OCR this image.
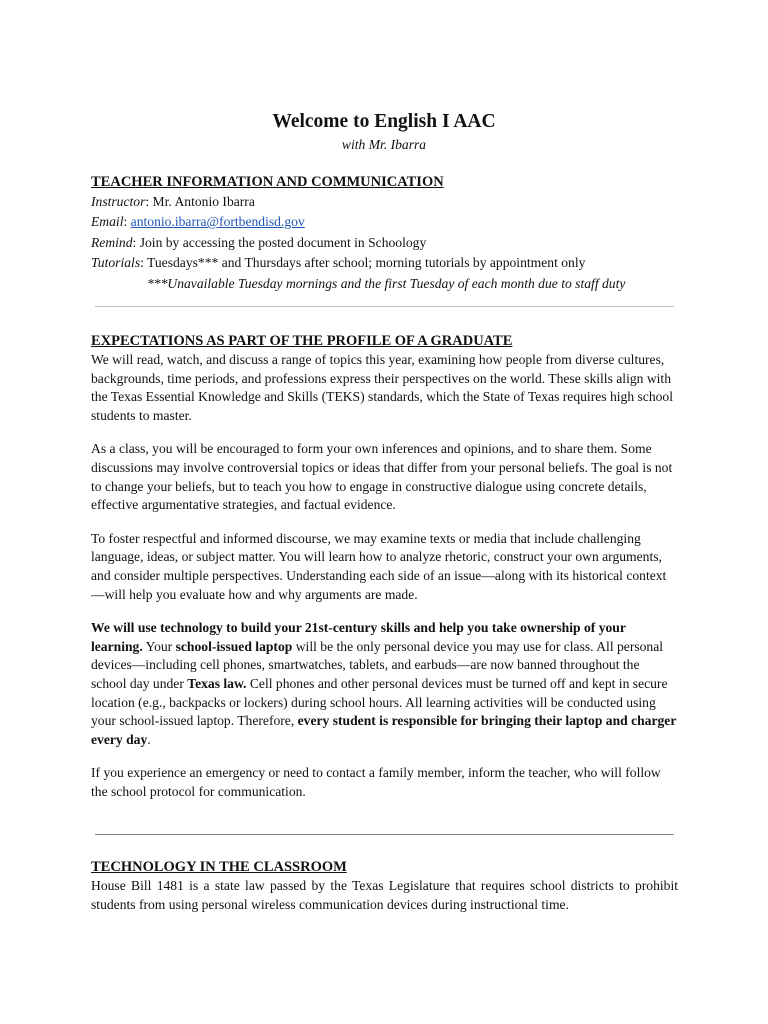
Welcome to English I AAC
with Mr. Ibarra
TEACHER INFORMATION AND COMMUNICATION
Instructor: Mr. Antonio Ibarra
Email: antonio.ibarra@fortbendisd.gov
Remind: Join by accessing the posted document in Schoology
Tutorials: Tuesdays*** and Thursdays after school; morning tutorials by appointment only
***Unavailable Tuesday mornings and the first Tuesday of each month due to staff duty
EXPECTATIONS AS PART OF THE PROFILE OF A GRADUATE

We will read, watch, and discuss a range of topics this year, examining how people from diverse cultures, backgrounds, time periods, and professions express their perspectives on the world. These skills align with the Texas Essential Knowledge and Skills (TEKS) standards, which the State of Texas requires high school students to master.

As a class, you will be encouraged to form your own inferences and opinions, and to share them. Some discussions may involve controversial topics or ideas that differ from your personal beliefs. The goal is not to change your beliefs, but to teach you how to engage in constructive dialogue using concrete details, effective argumentative strategies, and factual evidence.

To foster respectful and informed discourse, we may examine texts or media that include challenging language, ideas, or subject matter. You will learn how to analyze rhetoric, construct your own arguments, and consider multiple perspectives. Understanding each side of an issue—along with its historical context—will help you evaluate how and why arguments are made.

We will use technology to build your 21st-century skills and help you take ownership of your learning. Your school-issued laptop will be the only personal device you may use for class. All personal devices—including cell phones, smartwatches, tablets, and earbuds—are now banned throughout the school day under Texas law. Cell phones and other personal devices must be turned off and kept in secure location (e.g., backpacks or lockers) during school hours. All learning activities will be conducted using your school-issued laptop. Therefore, every student is responsible for bringing their laptop and charger every day.

If you experience an emergency or need to contact a family member, inform the teacher, who will follow the school protocol for communication.

TECHNOLOGY IN THE CLASSROOM

House Bill 1481 is a state law passed by the Texas Legislature that requires school districts to prohibit students from using personal wireless communication devices during instructional time.
